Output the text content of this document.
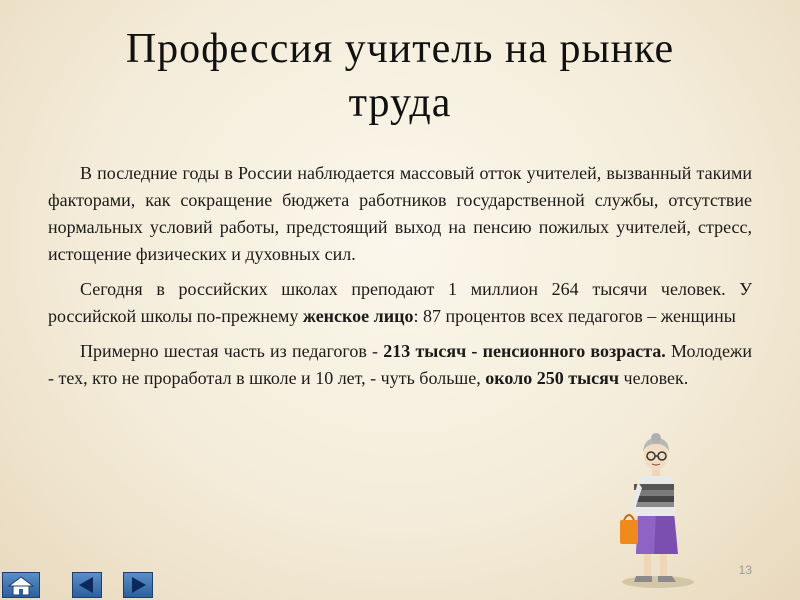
Профессия учитель на рынке
труда

В последние годы в России наблюдается массовый отток учителей, вызванный такими факторами, как сокращение бюджета работников государственной службы, отсутствие нормальных условий работы, предстоящий выход на пенсию пожилых учителей, стресс, истощение физических и духовных сил.

Сегодня в российских школах преподают 1 миллион 264 тысячи человек. У российской школы по-прежнему женское лицо: 87 процентов всех педагогов – женщины

Примерно шестая часть из педагогов - 213 тысяч - пенсионного возраста. Молодежи - тех, кто не проработал в школе и 10 лет, - чуть больше, около 250 тысяч человек.

13
